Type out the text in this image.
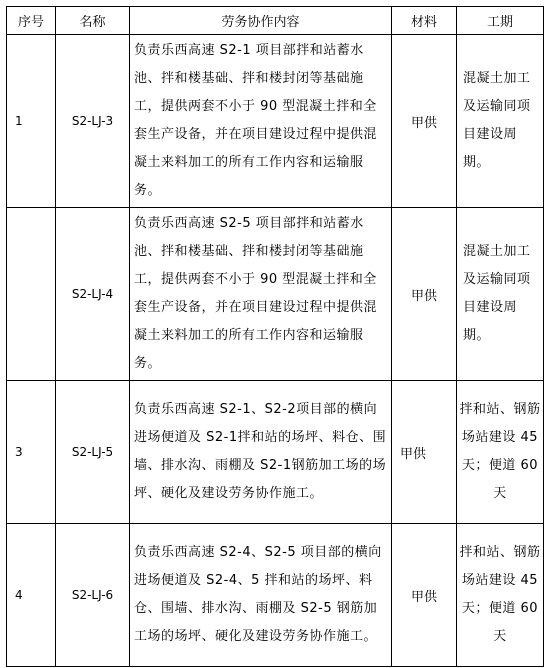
序号	名称	劳务协作内容	材料	工期
1	S2-LJ-3	负责乐西高速 S2-1 项目部拌和站蓄水池、拌和楼基础、拌和楼封闭等基础施工，提供两套不小于 90 型混凝土拌和全套生产设备，并在项目建设过程中提供混凝土来料加工的所有工作内容和运输服务。	甲供	混凝土加工及运输同项目建设周期。
	S2-LJ-4	负责乐西高速 S2-5 项目部拌和站蓄水池、拌和楼基础、拌和楼封闭等基础施工，提供两套不小于 90 型混凝土拌和全套生产设备，并在项目建设过程中提供混凝土来料加工的所有工作内容和运输服务。	甲供	混凝土加工及运输同项目建设周期。
3	S2-LJ-5	负责乐西高速 S2-1、S2-2项目部的横向进场便道及 S2-1拌和站的场坪、料仓、围墙、排水沟、雨棚及 S2-1钢筋加工场的场坪、硬化及建设劳务协作施工。	甲供	拌和站、钢筋场站建设 45 天；便道 60 天
4	S2-LJ-6	负责乐西高速 S2-4、S2-5 项目部的横向进场便道及 S2-4、5 拌和站的场坪、料仓、围墙、排水沟、雨棚及 S2-5 钢筋加工场的场坪、硬化及建设劳务协作施工。	甲供	拌和站、钢筋场站建设 45 天；便道 60 天
